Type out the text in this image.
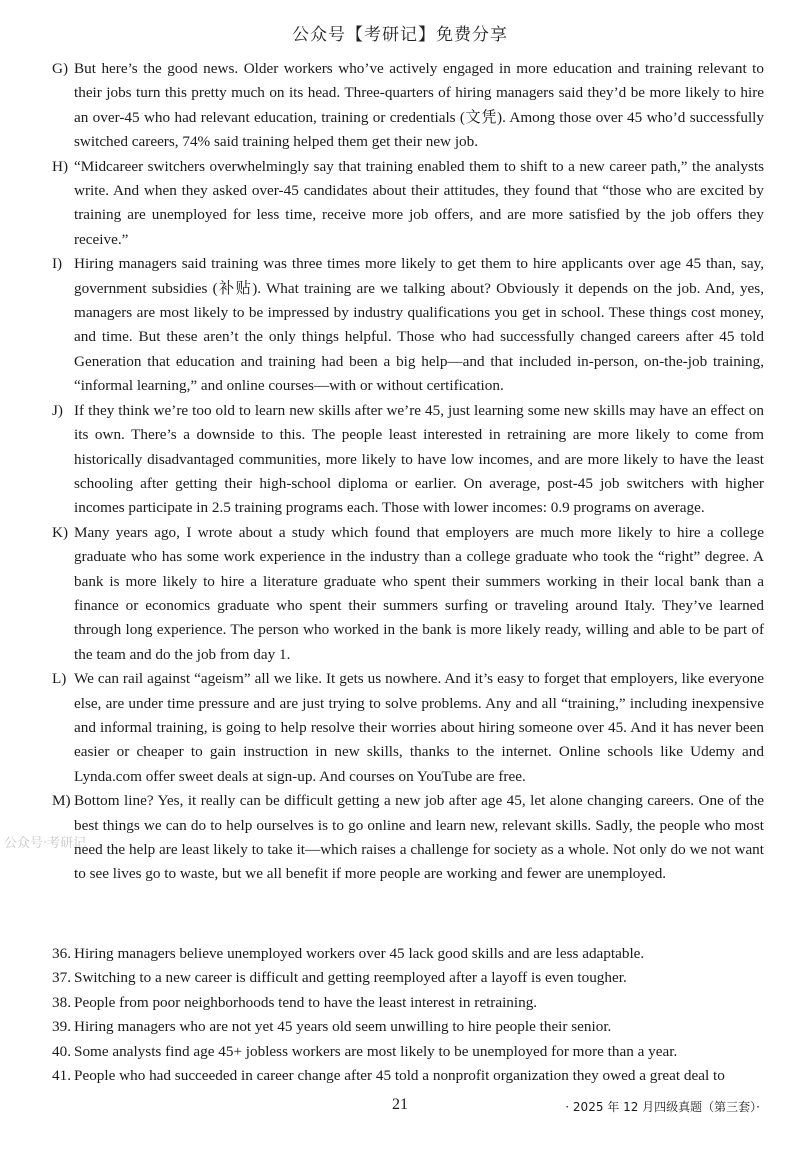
公众号【考研记】免费分享
公众号·考研记
G) But here’s the good news. Older workers who’ve actively engaged in more education and training relevant to their jobs turn this pretty much on its head. Three-quarters of hiring managers said they’d be more likely to hire an over-45 who had relevant education, training or credentials (文凭). Among those over 45 who’d successfully switched careers, 74% said training helped them get their new job.
H) “Midcareer switchers overwhelmingly say that training enabled them to shift to a new career path,” the analysts write. And when they asked over-45 candidates about their attitudes, they found that “those who are excited by training are unemployed for less time, receive more job offers, and are more satisfied by the job offers they receive.”
I) Hiring managers said training was three times more likely to get them to hire applicants over age 45 than, say, government subsidies (补贴). What training are we talking about? Obviously it depends on the job. And, yes, managers are most likely to be impressed by industry qualifications you get in school. These things cost money, and time. But these aren’t the only things helpful. Those who had successfully changed careers after 45 told Generation that education and training had been a big help—and that included in-person, on-the-job training, “informal learning,” and online courses—with or without certification.
J) If they think we’re too old to learn new skills after we’re 45, just learning some new skills may have an effect on its own. There’s a downside to this. The people least interested in retraining are more likely to come from historically disadvantaged communities, more likely to have low incomes, and are more likely to have the least schooling after getting their high-school diploma or earlier. On average, post-45 job switchers with higher incomes participate in 2.5 training programs each. Those with lower incomes: 0.9 programs on average.
K) Many years ago, I wrote about a study which found that employers are much more likely to hire a college graduate who has some work experience in the industry than a college graduate who took the “right” degree. A bank is more likely to hire a literature graduate who spent their summers working in their local bank than a finance or economics graduate who spent their summers surfing or traveling around Italy. They’ve learned through long experience. The person who worked in the bank is more likely ready, willing and able to be part of the team and do the job from day 1.
L) We can rail against “ageism” all we like. It gets us nowhere. And it’s easy to forget that employers, like everyone else, are under time pressure and are just trying to solve problems. Any and all “training,” including inexpensive and informal training, is going to help resolve their worries about hiring someone over 45. And it has never been easier or cheaper to gain instruction in new skills, thanks to the internet. Online schools like Udemy and Lynda.com offer sweet deals at sign-up. And courses on YouTube are free.
M) Bottom line? Yes, it really can be difficult getting a new job after age 45, let alone changing careers. One of the best things we can do to help ourselves is to go online and learn new, relevant skills. Sadly, the people who most need the help are least likely to take it—which raises a challenge for society as a whole. Not only do we not want to see lives go to waste, but we all benefit if more people are working and fewer are unemployed.
36. Hiring managers believe unemployed workers over 45 lack good skills and are less adaptable.
37. Switching to a new career is difficult and getting reemployed after a layoff is even tougher.
38. People from poor neighborhoods tend to have the least interest in retraining.
39. Hiring managers who are not yet 45 years old seem unwilling to hire people their senior.
40. Some analysts find age 45+ jobless workers are most likely to be unemployed for more than a year.
41. People who had succeeded in career change after 45 told a nonprofit organization they owed a great deal to
21	· 2025 年 12 月四级真题（第三套）·
